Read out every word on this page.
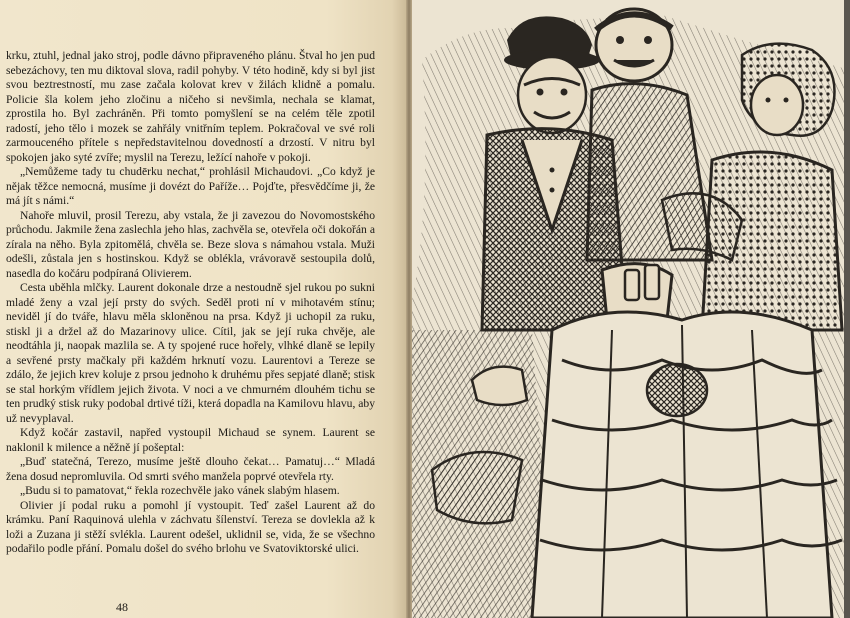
krku, ztuhl, jednal jako stroj, podle dávno připraveného plánu. Štval ho jen pud sebezáchovy, ten mu diktoval slova, radil pohyby. V této hodině, kdy si byl jist svou beztrestností, mu zase začala kolovat krev v žilách klidně a pomalu. Policie šla kolem jeho zločinu a ničeho si nevšimla, nechala se klamat, zprostila ho. Byl zachráněn. Při tomto pomyšlení se na celém těle zpotil radostí, jeho tělo i mozek se zahřály vnitřním teplem. Pokračoval ve své roli zarmouceného přítele s nepředstavitelnou dovedností a drzostí. V nitru byl spokojen jako syté zvíře; myslil na Terezu, ležící nahoře v pokoji.

„Nemůžeme tady tu chudērku nechat,“ prohlásil Michaudovi. „Co když je nějak těžce nemocná, musíme ji dovézt do Paříže… Pojďte, přesvědčíme ji, že má jít s námi.“

Nahoře mluvil, prosil Terezu, aby vstala, že ji zavezou do Novomostského průchodu. Jakmile žena zaslechla jeho hlas, zachvěla se, otevřela oči dokořán a zírala na něho. Byla zpitomělá, chvěla se. Beze slova s námahou vstala. Muži odešli, zůstala jen s hostinskou. Když se oblékla, vrávoravě sestoupila dolů, nasedla do kočáru podpíraná Olivierem.

Cesta uběhla mlčky. Laurent dokonale drze a nestoudně sjel rukou po sukni mladé ženy a vzal její prsty do svých. Seděl proti ní v mihotavém stínu; neviděl jí do tváře, hlavu měla skloněnou na prsa. Když ji uchopil za ruku, stiskl ji a držel až do Mazarinovy ulice. Cítil, jak se její ruka chvěje, ale neodtáhla ji, naopak mazlila se. A ty spojené ruce hořely, vlhké dlaně se lepily a sevřené prsty mačkaly při každém hrknutí vozu. Laurentovi a Tereze se zdálo, že jejich krev koluje z prsou jednoho k druhému přes sepjaté dlaně; stisk se stal horkým vřídlem jejich života. V noci a ve chmurném dlouhém tichu se ten prudký stisk ruky podobal drtivé tíži, která dopadla na Kamilovu hlavu, aby už nevyplaval.

Když kočár zastavil, napřed vystoupil Michaud se synem. Laurent se naklonil k milence a něžně jí pošeptal:

„Buď statečná, Terezo, musíme ještě dlouho čekat… Pamatuj…“ Mladá žena dosud nepromluvila. Od smrti svého manžela poprvé otevřela rty.

„Budu si to pamatovat,“ řekla rozechvěle jako vánek slabým hlasem.

Olivier jí podal ruku a pomohl jí vystoupit. Teď zašel Laurent až do krámku. Paní Raquinová ulehla v záchvatu šílenství. Tereza se dovlekla až k loži a Zuzana ji stěží svlékla. Laurent odešel, uklidnil se, vida, že se všechno podařilo podle přání. Pomalu došel do svého brlohu ve Svatoviktorské ulici.

48
